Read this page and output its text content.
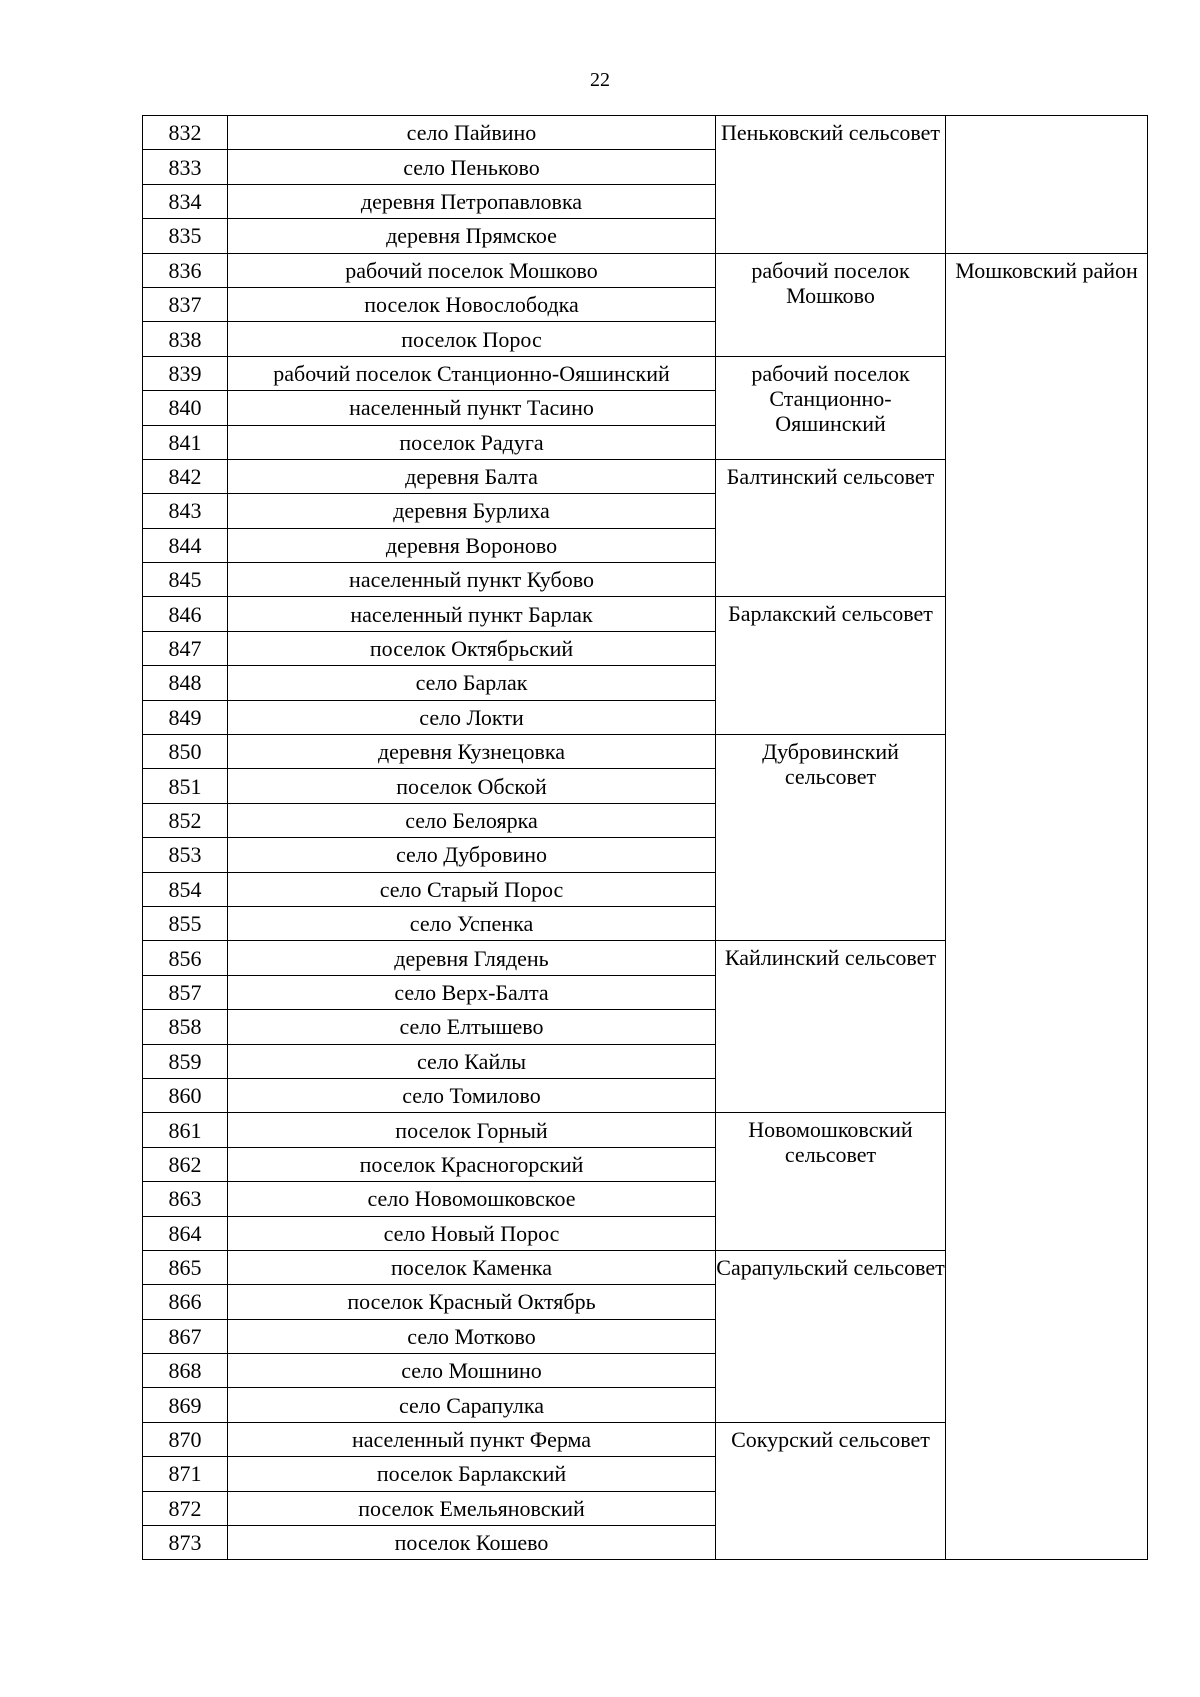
22
832	село Пайвино	Пеньковский сельсовет	
833	село Пеньково		
834	деревня Петропавловка		
835	деревня Прямское		
836	рабочий поселок Мошково	рабочий поселок Мошково	Мошковский район
837	поселок Новослободка		
838	поселок Порос		
839	рабочий поселок Станционно-Ояшинский	рабочий поселок Станционно-Ояшинский	
840	населенный пункт Тасино		
841	поселок Радуга		
842	деревня Балта	Балтинский сельсовет	
843	деревня Бурлиха		
844	деревня Вороново		
845	населенный пункт Кубово		
846	населенный пункт Барлак	Барлакский сельсовет	
847	поселок Октябрьский		
848	село Барлак		
849	село Локти		
850	деревня Кузнецовка	Дубровинский сельсовет	
851	поселок Обской		
852	село Белоярка		
853	село Дубровино		
854	село Старый Порос		
855	село Успенка		
856	деревня Глядень	Кайлинский сельсовет	
857	село Верх-Балта		
858	село Елтышево		
859	село Кайлы		
860	село Томилово		
861	поселок Горный	Новомошковский сельсовет	
862	поселок Красногорский		
863	село Новомошковское		
864	село Новый Порос		
865	поселок Каменка	Сарапульский сельсовет	
866	поселок Красный Октябрь		
867	село Мотково		
868	село Мошнино		
869	село Сарапулка		
870	населенный пункт Ферма	Сокурский сельсовет	
871	поселок Барлакский		
872	поселок Емельяновский		
873	поселок Кошево		
